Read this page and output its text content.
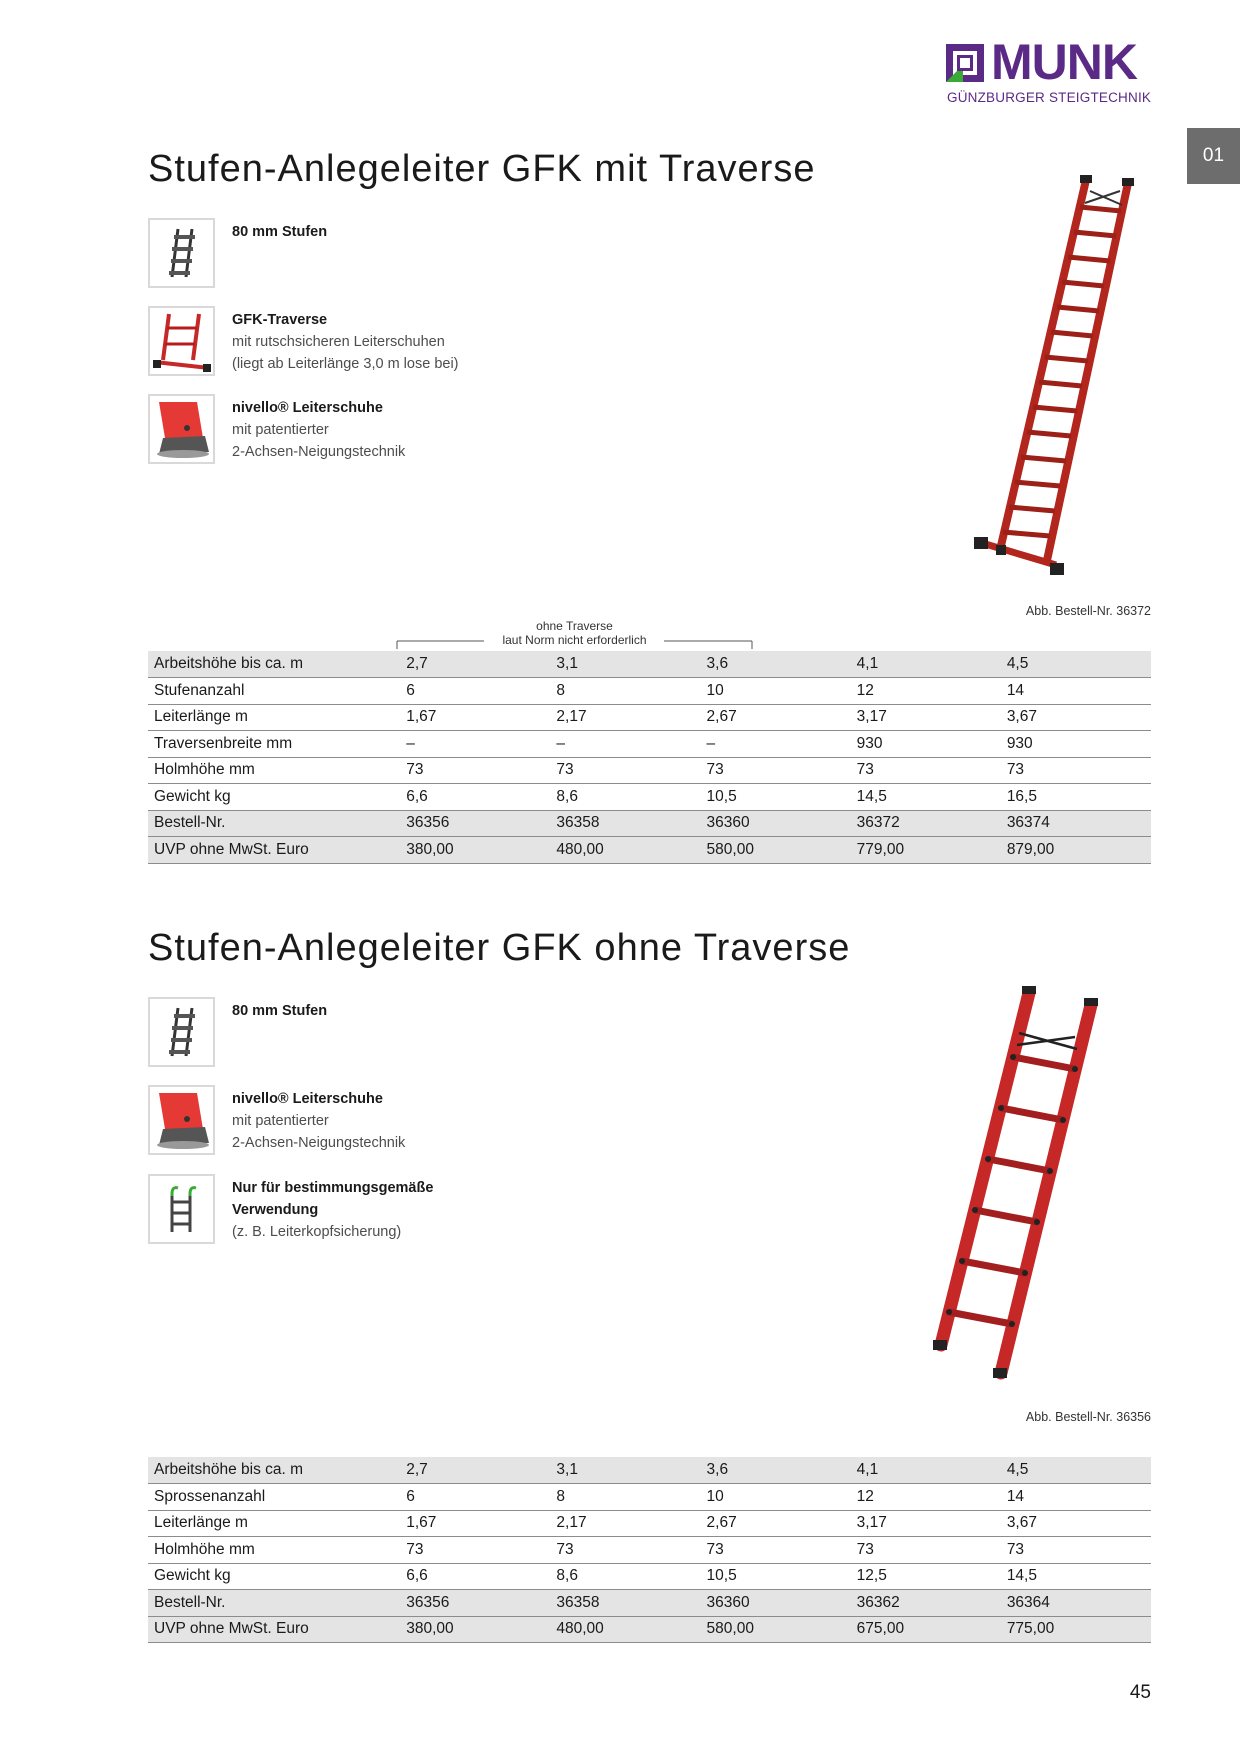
MUNK
GÜNZBURGER STEIGTECHNIK
01
Stufen-Anlegeleiter GFK mit Traverse
80 mm Stufen
GFK-Traverse
mit rutschsicheren Leiterschuhen
(liegt ab Leiterlänge 3,0 m lose bei)
nivello® Leiterschuhe
mit patentierter
2-Achsen-Neigungstechnik
Abb. Bestell-Nr. 36372
ohne Traverse
laut Norm nicht erforderlich
Arbeitshöhe bis ca. m	2,7	3,1	3,6	4,1	4,5
Stufenanzahl	6	8	10	12	14
Leiterlänge m	1,67	2,17	2,67	3,17	3,67
Traversenbreite mm	–	–	–	930	930
Holmhöhe mm	73	73	73	73	73
Gewicht kg	6,6	8,6	10,5	14,5	16,5
Bestell-Nr.	36356	36358	36360	36372	36374
UVP ohne MwSt. Euro	380,00	480,00	580,00	779,00	879,00
Stufen-Anlegeleiter GFK ohne Traverse
80 mm Stufen
nivello® Leiterschuhe
mit patentierter
2-Achsen-Neigungstechnik
Nur für bestimmungsgemäße
Verwendung
(z. B. Leiterkopfsicherung)
Abb. Bestell-Nr. 36356
Arbeitshöhe bis ca. m	2,7	3,1	3,6	4,1	4,5
Sprossenanzahl	6	8	10	12	14
Leiterlänge m	1,67	2,17	2,67	3,17	3,67
Holmhöhe mm	73	73	73	73	73
Gewicht kg	6,6	8,6	10,5	12,5	14,5
Bestell-Nr.	36356	36358	36360	36362	36364
UVP ohne MwSt. Euro	380,00	480,00	580,00	675,00	775,00
45
